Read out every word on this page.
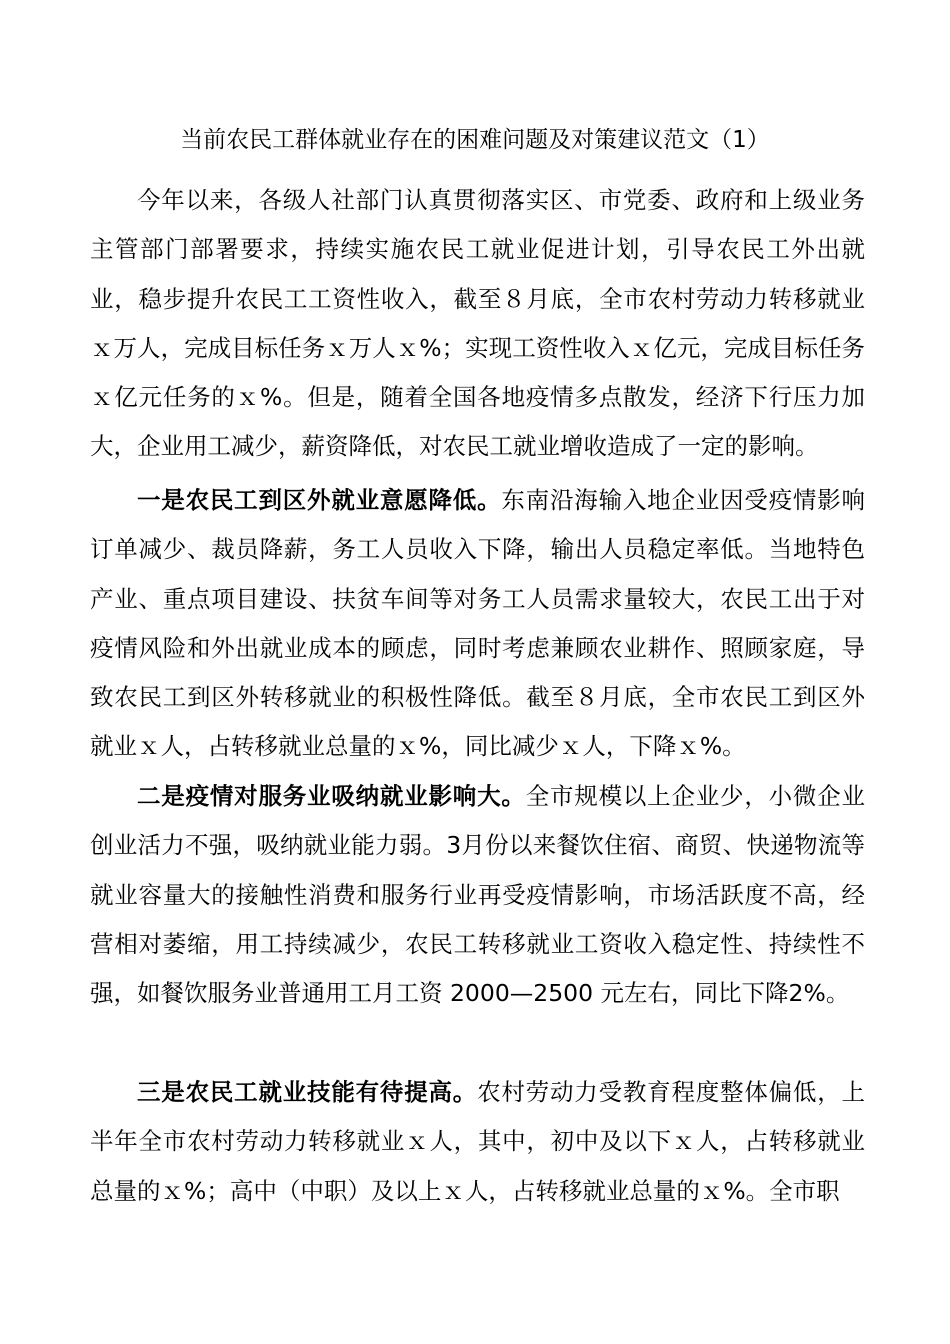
当前农民工群体就业存在的困难问题及对策建议范文（1）

今年以来，各级人社部门认真贯彻落实区、市党委、政府和上级业务主管部门部署要求，持续实施农民工就业促进计划，引导农民工外出就业，稳步提升农民工工资性收入，截至８月底，全市农村劳动力转移就业ｘ万人，完成目标任务ｘ万人ｘ%；实现工资性收入ｘ亿元，完成目标任务ｘ亿元任务的ｘ%。但是，随着全国各地疫情多点散发，经济下行压力加大，企业用工减少，薪资降低，对农民工就业增收造成了一定的影响。

一是农民工到区外就业意愿降低。东南沿海输入地企业因受疫情影响订单减少、裁员降薪，务工人员收入下降，输出人员稳定率低。当地特色产业、重点项目建设、扶贫车间等对务工人员需求量较大，农民工出于对疫情风险和外出就业成本的顾虑，同时考虑兼顾农业耕作、照顾家庭，导致农民工到区外转移就业的积极性降低。截至８月底，全市农民工到区外就业ｘ人，占转移就业总量的ｘ%，同比减少ｘ人，下降ｘ%。

二是疫情对服务业吸纳就业影响大。全市规模以上企业少，小微企业创业活力不强，吸纳就业能力弱。3月份以来餐饮住宿、商贸、快递物流等就业容量大的接触性消费和服务行业再受疫情影响，市场活跃度不高，经营相对萎缩，用工持续减少，农民工转移就业工资收入稳定性、持续性不强，如餐饮服务业普通用工月工资 2000—2500 元左右，同比下降2%。

三是农民工就业技能有待提高。农村劳动力受教育程度整体偏低，上半年全市农村劳动力转移就业ｘ人，其中，初中及以下ｘ人，占转移就业总量的ｘ%；高中（中职）及以上ｘ人，占转移就业总量的ｘ%。全市职
